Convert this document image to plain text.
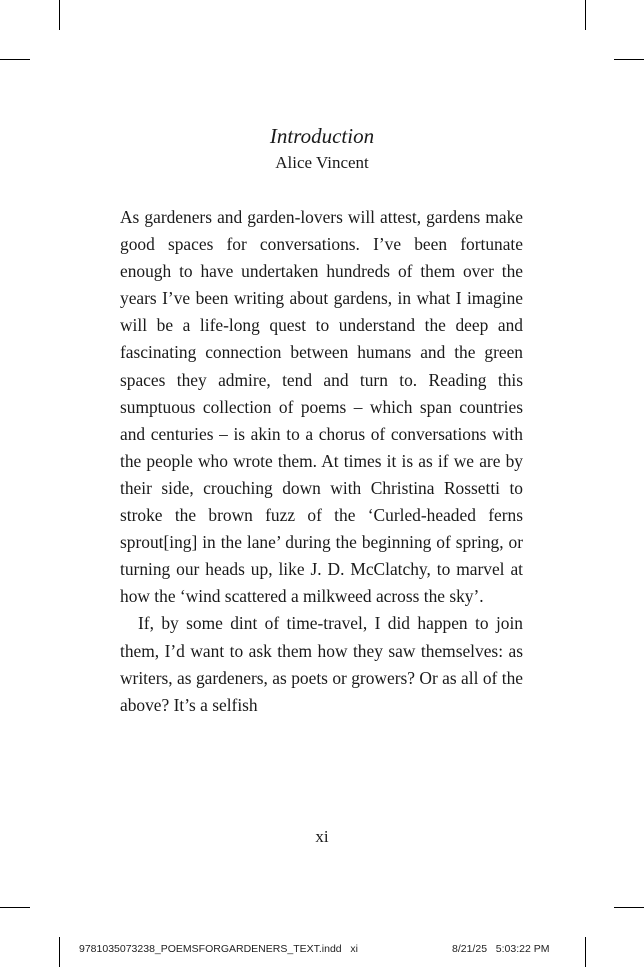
Introduction
Alice Vincent

As gardeners and garden-lovers will attest, gardens make good spaces for conversations. I’ve been fortunate enough to have undertaken hundreds of them over the years I’ve been writing about gardens, in what I imagine will be a life-long quest to understand the deep and fascinating connection between humans and the green spaces they admire, tend and turn to. Reading this sumptuous collection of poems – which span countries and centuries – is akin to a chorus of conversations with the people who wrote them. At times it is as if we are by their side, crouching down with Christina Rossetti to stroke the brown fuzz of the ‘Curled-headed ferns sprout[ing] in the lane’ during the beginning of spring, or turning our heads up, like J. D. McClatchy, to marvel at how the ‘wind scattered a milkweed across the sky’.

If, by some dint of time-travel, I did happen to join them, I’d want to ask them how they saw themselves: as writers, as gardeners, as poets or growers? Or as all of the above? It’s a selfish

xi
9781035073238_POEMSFORGARDENERS_TEXT.indd   xi	8/21/25   5:03:22 PM
